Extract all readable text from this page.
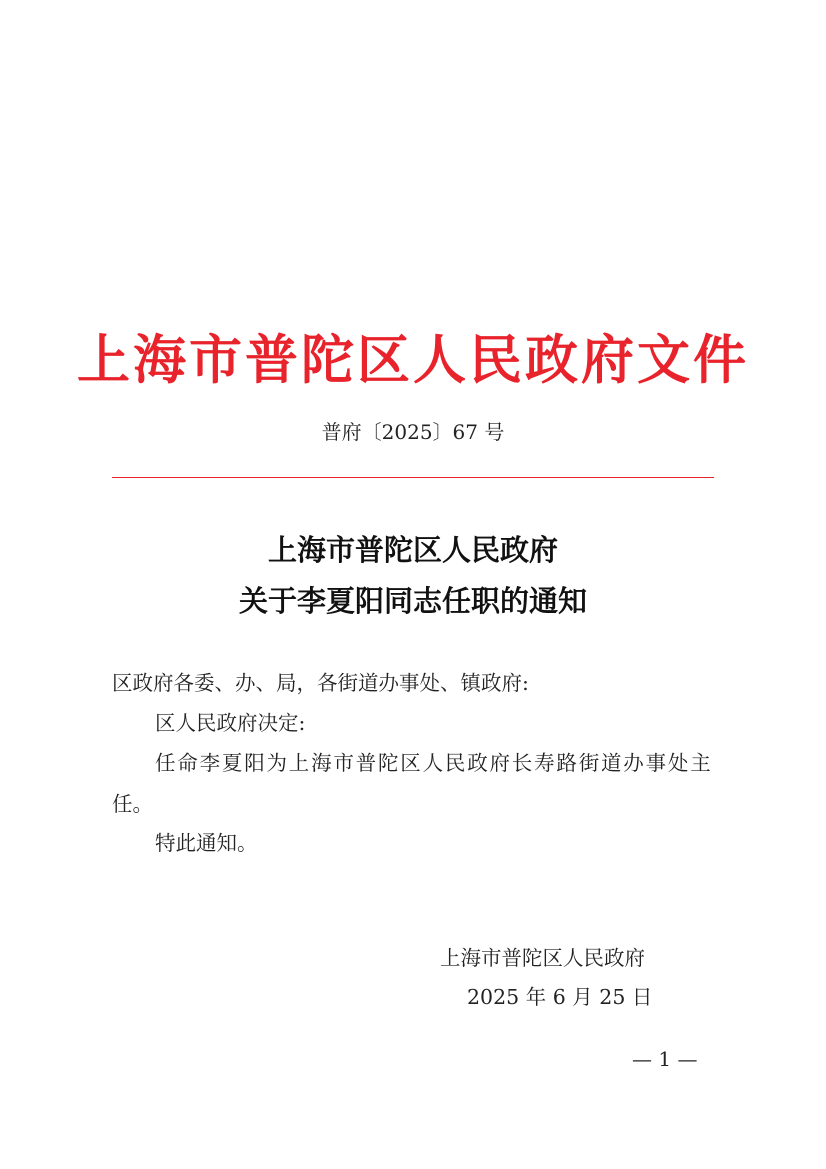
上海市普陀区人民政府文件
普府〔2025〕67 号
上海市普陀区人民政府
关于李夏阳同志任职的通知
区政府各委、办、局，各街道办事处、镇政府:
区人民政府决定:
任命李夏阳为上海市普陀区人民政府长寿路街道办事处主
任。
特此通知。
上海市普陀区人民政府
2025 年 6 月 25 日
— 1 —
